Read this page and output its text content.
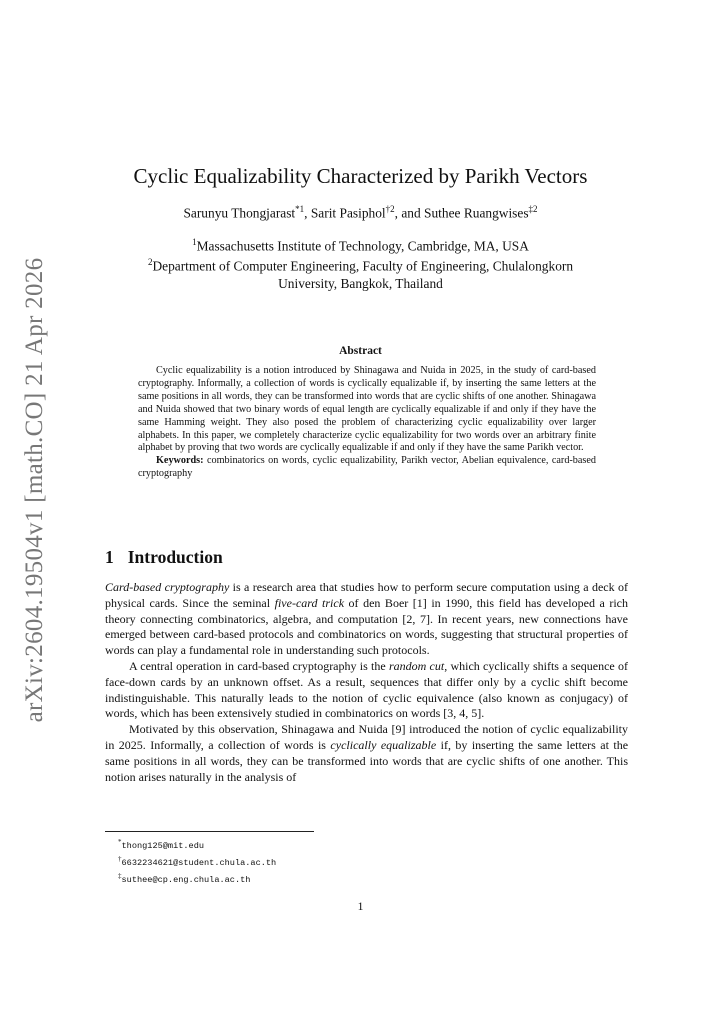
arXiv:2604.19504v1 [math.CO] 21 Apr 2026
Cyclic Equalizability Characterized by Parikh Vectors
Sarunyu Thongjarast$^{*1}$, Sarit Pasiphol$^{\dagger 2}$, and Suthee Ruangwises$^{\ddagger 2}$
$^1$Massachusetts Institute of Technology, Cambridge, MA, USA
$^2$Department of Computer Engineering, Faculty of Engineering, Chulalongkorn
University, Bangkok, Thailand
Abstract

Cyclic equalizability is a notion introduced by Shinagawa and Nuida in 2025, in the study of card-based cryptography. Informally, a collection of words is cyclically equalizable if, by inserting the same letters at the same positions in all words, they can be transformed into words that are cyclic shifts of one another. Shinagawa and Nuida showed that two binary words of equal length are cyclically equalizable if and only if they have the same Hamming weight. They also posed the problem of characterizing cyclic equalizability over larger alphabets. In this paper, we completely characterize cyclic equalizability for two words over an arbitrary finite alphabet by proving that two words are cyclically equalizable if and only if they have the same Parikh vector.

Keywords: combinatorics on words, cyclic equalizability, Parikh vector, Abelian equivalence, card-based cryptography

1 Introduction

Card-based cryptography is a research area that studies how to perform secure computation using a deck of physical cards. Since the seminal five-card trick of den Boer [1] in 1990, this field has developed a rich theory connecting combinatorics, algebra, and computation [2, 7]. In recent years, new connections have emerged between card-based protocols and combinatorics on words, suggesting that structural properties of words can play a fundamental role in understanding such protocols.

A central operation in card-based cryptography is the random cut, which cyclically shifts a sequence of face-down cards by an unknown offset. As a result, sequences that differ only by a cyclic shift become indistinguishable. This naturally leads to the notion of cyclic equivalence (also known as conjugacy) of words, which has been extensively studied in combinatorics on words [3, 4, 5].

Motivated by this observation, Shinagawa and Nuida [9] introduced the notion of cyclic equalizability in 2025. Informally, a collection of words is cyclically equalizable if, by inserting the same letters at the same positions in all words, they can be transformed into words that are cyclic shifts of one another. This notion arises naturally in the analysis of

*thong125@mit.edu
†6632234621@student.chula.ac.th
‡suthee@cp.eng.chula.ac.th
1
